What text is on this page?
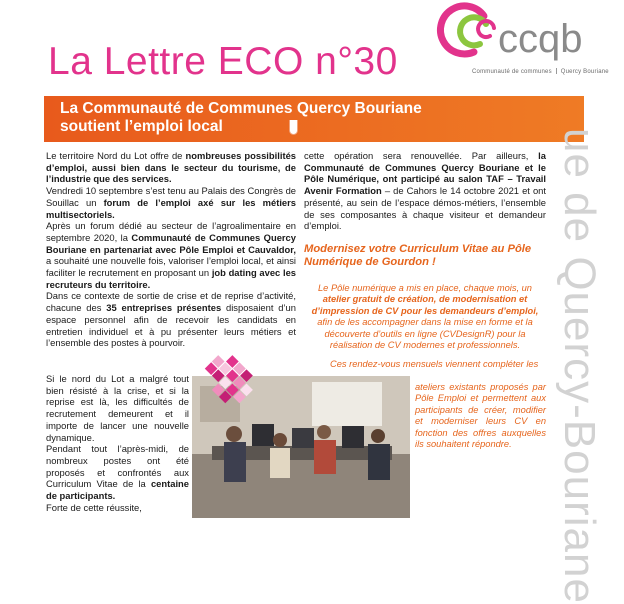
La Lettre ECO n°30
ccqb
Communauté de communes Quercy Bouriane
La Communauté de Communes Quercy Bouriane
soutient l’emploi local

Le territoire Nord du Lot offre de nombreuses possibilités d’emploi, aussi bien dans le secteur du tourisme, de l’industrie que des services.

Vendredi 10 septembre s’est tenu au Palais des Congrès de Souillac un forum de l’emploi axé sur les métiers multisectoriels.

Après un forum dédié au secteur de l’agroalimentaire en septembre 2020, la Communauté de Communes Quercy Bouriane en partenariat avec Pôle Emploi et Cauvaldor, a souhaité une nouvelle fois, valoriser l’emploi local, et ainsi faciliter le recrutement en proposant un job dating avec les recruteurs du territoire.

Dans ce contexte de sortie de crise et de reprise d’activité, chacune des 35 entreprises présentes disposaient d’un espace personnel afin de recevoir les candidats en entretien individuel et à pu présenter leurs métiers et l’ensemble des postes à pourvoir.

Si le nord du Lot a malgré tout bien résisté à la crise, et si la reprise est là, les difficultés de recrutement demeurent et il importe de lancer une nouvelle dynamique.

Pendant tout l’après-midi, de nombreux postes ont été proposés et confrontés aux Curriculum Vitae de la centaine de participants.

Forte de cette réussite,

cette opération sera renouvellée. Par ailleurs, la Communauté de Communes Quercy Bouriane et le Pôle Numérique, ont participé au salon TAF – Travail Avenir Formation – de Cahors le 14 octobre 2021 et ont présenté, au sein de l’espace démos-métiers, l’ensemble de ses composantes à chaque visiteur et demandeur d’emploi.

Modernisez votre Curriculum Vitae au Pôle Numérique de Gourdon !
Le Pôle numérique a mis en place, chaque mois, un atelier gratuit de création, de modernisation et d’impression de CV pour les demandeurs d’emploi, afin de les accompagner dans la mise en forme et la découverte d’outils en ligne (CVDesignR) pour la réalisation de CV modernes et professionnels.
Ces rendez-vous mensuels viennent compléter les
ateliers existants proposés par Pôle Emploi et permettent aux participants de créer, modifier et moderniser leurs CV en fonction des offres auxquelles ils souhaitent répondre. ue de Quercy-Bouriane
